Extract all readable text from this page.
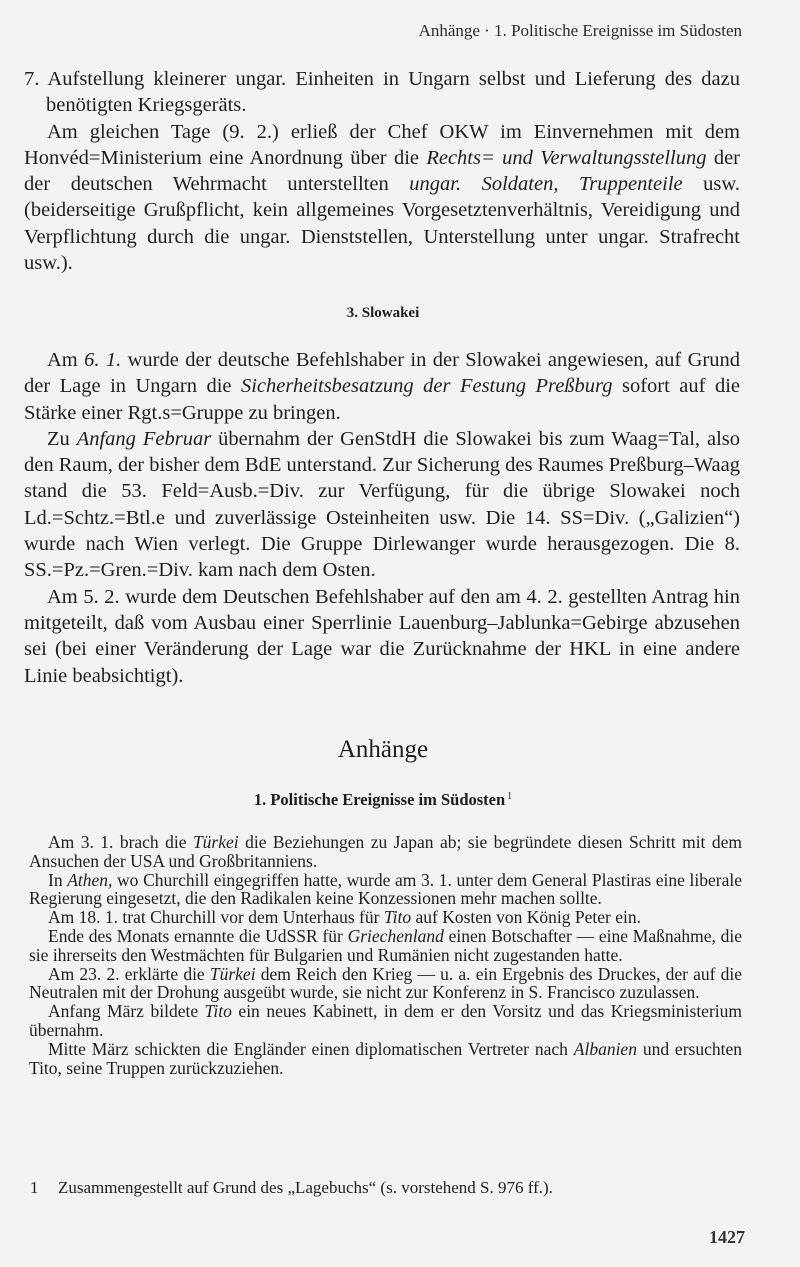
Anhänge · 1. Politische Ereignisse im Südosten

7. Aufstellung kleinerer ungar. Einheiten in Ungarn selbst und Lieferung des dazu benötigten Kriegsgeräts.

Am gleichen Tage (9. 2.) erließ der Chef OKW im Einvernehmen mit dem Honvéd=Ministerium eine Anordnung über die Rechts= und Verwaltungsstellung der der deutschen Wehrmacht unterstellten ungar. Soldaten, Truppenteile usw. (beiderseitige Grußpflicht, kein allgemeines Vorgesetztenverhältnis, Vereidigung und Verpflichtung durch die ungar. Dienststellen, Unterstellung unter ungar. Strafrecht usw.).

3. Slowakei

Am 6. 1. wurde der deutsche Befehlshaber in der Slowakei angewiesen, auf Grund der Lage in Ungarn die Sicherheitsbesatzung der Festung Preßburg sofort auf die Stärke einer Rgt.s=Gruppe zu bringen.

Zu Anfang Februar übernahm der GenStdH die Slowakei bis zum Waag=Tal, also den Raum, der bisher dem BdE unterstand. Zur Sicherung des Raumes Preßburg–Waag stand die 53. Feld=Ausb.=Div. zur Verfügung, für die übrige Slowakei noch Ld.=Schtz.=Btl.e und zuverlässige Osteinheiten usw. Die 14. SS=Div. („Galizien“) wurde nach Wien verlegt. Die Gruppe Dirlewanger wurde herausgezogen. Die 8. SS.=Pz.=Gren.=Div. kam nach dem Osten.

Am 5. 2. wurde dem Deutschen Befehlshaber auf den am 4. 2. gestellten Antrag hin mitgeteilt, daß vom Ausbau einer Sperrlinie Lauenburg–Jablunka=Gebirge abzusehen sei (bei einer Veränderung der Lage war die Zurücknahme der HKL in eine andere Linie beabsichtigt).

Anhänge
1. Politische Ereignisse im Südosten $^1$

Am 3. 1. brach die Türkei die Beziehungen zu Japan ab; sie begründete diesen Schritt mit dem Ansuchen der USA und Großbritanniens.

In Athen, wo Churchill eingegriffen hatte, wurde am 3. 1. unter dem General Plastiras eine liberale Regierung eingesetzt, die den Radikalen keine Konzessionen mehr machen sollte.

Am 18. 1. trat Churchill vor dem Unterhaus für Tito auf Kosten von König Peter ein.

Ende des Monats ernannte die UdSSR für Griechenland einen Botschafter — eine Maßnahme, die sie ihrerseits den Westmächten für Bulgarien und Rumänien nicht zugestanden hatte.

Am 23. 2. erklärte die Türkei dem Reich den Krieg — u. a. ein Ergebnis des Druckes, der auf die Neutralen mit der Drohung ausgeübt wurde, sie nicht zur Konferenz in S. Francisco zuzulassen.

Anfang März bildete Tito ein neues Kabinett, in dem er den Vorsitz und das Kriegsministerium übernahm.

Mitte März schickten die Engländer einen diplomatischen Vertreter nach Albanien und ersuchten Tito, seine Truppen zurückzuziehen.

1 Zusammengestellt auf Grund des „Lagebuchs“ (s. vorstehend S. 976 ff.).
1427
